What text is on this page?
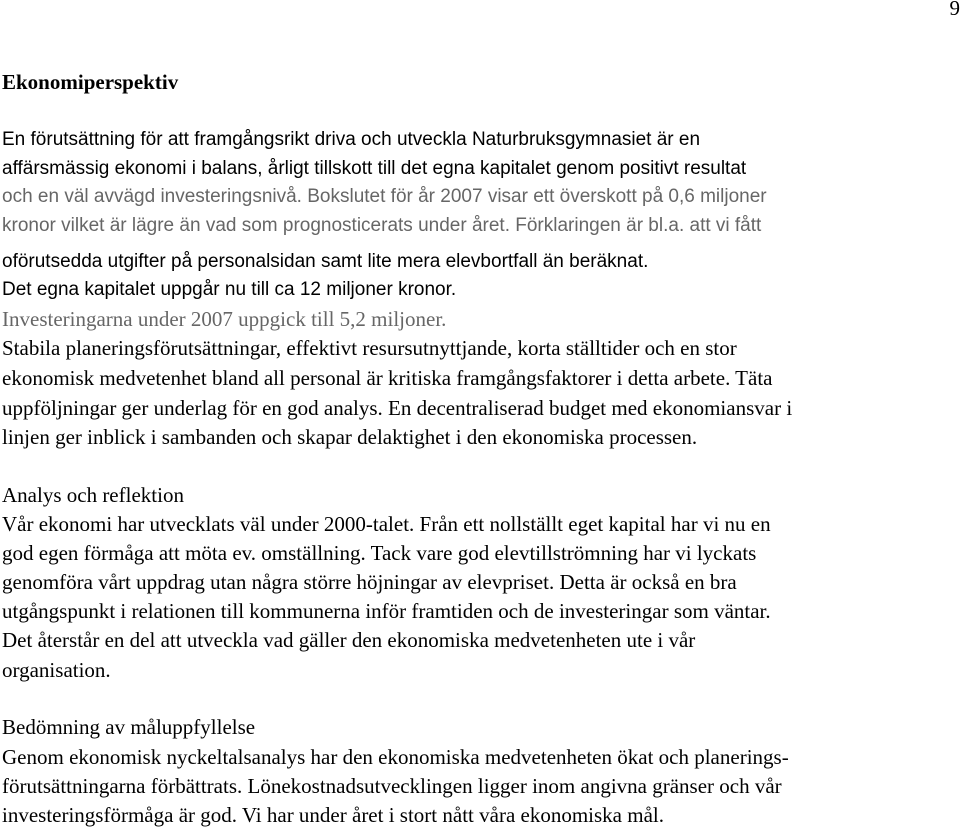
9
Ekonomiperspektiv
En förutsättning för att framgångsrikt driva och utveckla Naturbruksgymnasiet är en
affärsmässig ekonomi i balans, årligt tillskott till det egna kapitalet genom positivt resultat
och en väl avvägd investeringsnivå. Bokslutet för år 2007 visar ett överskott på 0,6 miljoner
kronor vilket är lägre än vad som prognosticerats under året. Förklaringen är bl.a. att vi fått
oförutsedda utgifter på personalsidan samt lite mera elevbortfall än beräknat.
Det egna kapitalet uppgår nu till ca 12 miljoner kronor.
Investeringarna under 2007 uppgick till 5,2 miljoner.
Stabila planeringsförutsättningar, effektivt resursutnyttjande, korta ställtider och en stor
ekonomisk medvetenhet bland all personal är kritiska framgångsfaktorer i detta arbete. Täta
uppföljningar ger underlag för en god analys. En decentraliserad budget med ekonomiansvar i
linjen ger inblick i sambanden och skapar delaktighet i den ekonomiska processen.
Analys och reflektion
Vår ekonomi har utvecklats väl under 2000-talet. Från ett nollställt eget kapital har vi nu en
god egen förmåga att möta ev. omställning. Tack vare god elevtillströmning har vi lyckats
genomföra vårt uppdrag utan några större höjningar av elevpriset. Detta är också en bra
utgångspunkt i relationen till kommunerna inför framtiden och de investeringar som väntar.
Det återstår en del att utveckla vad gäller den ekonomiska medvetenheten ute i vår
organisation.
Bedömning av måluppfyllelse
Genom ekonomisk nyckeltalsanalys har den ekonomiska medvetenheten ökat och planerings-
förutsättningarna förbättrats. Lönekostnadsutvecklingen ligger inom angivna gränser och vår
investeringsförmåga är god. Vi har under året i stort nått våra ekonomiska mål.
